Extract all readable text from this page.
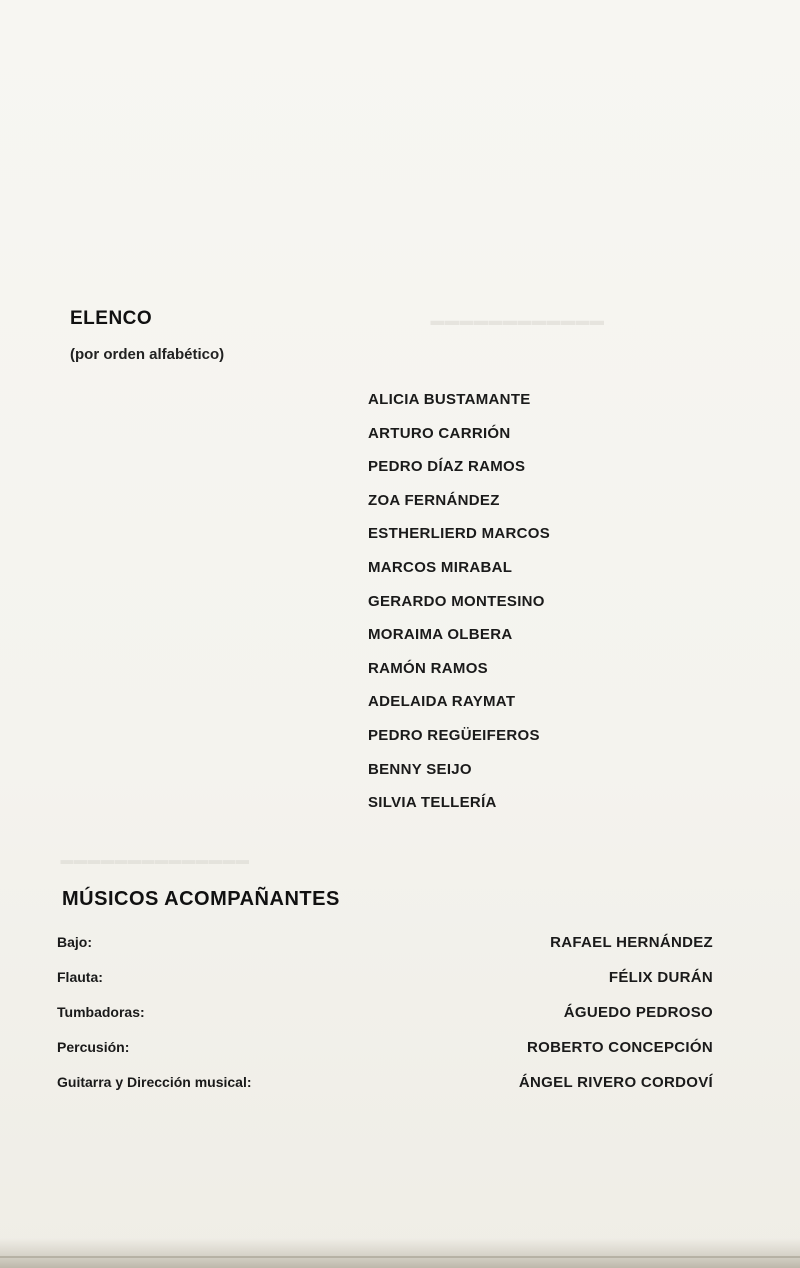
▬▬▬▬▬▬▬▬▬▬▬▬
▬▬▬▬▬▬▬▬▬▬▬▬▬▬
ELENCO
(por orden alfabético)
ALICIA BUSTAMANTE
ARTURO CARRIÓN
PEDRO DÍAZ RAMOS
ZOA FERNÁNDEZ
ESTHERLIERD MARCOS
MARCOS MIRABAL
GERARDO MONTESINO
MORAIMA OLBERA
RAMÓN RAMOS
ADELAIDA RAYMAT
PEDRO REGÜEIFEROS
BENNY SEIJO
SILVIA TELLERÍA
MÚSICOS ACOMPAÑANTES
Bajo:	RAFAEL HERNÁNDEZ
Flauta:	FÉLIX DURÁN
Tumbadoras:	ÁGUEDO PEDROSO
Percusión:	ROBERTO CONCEPCIÓN
Guitarra y Dirección musical:	ÁNGEL RIVERO CORDOVÍ
